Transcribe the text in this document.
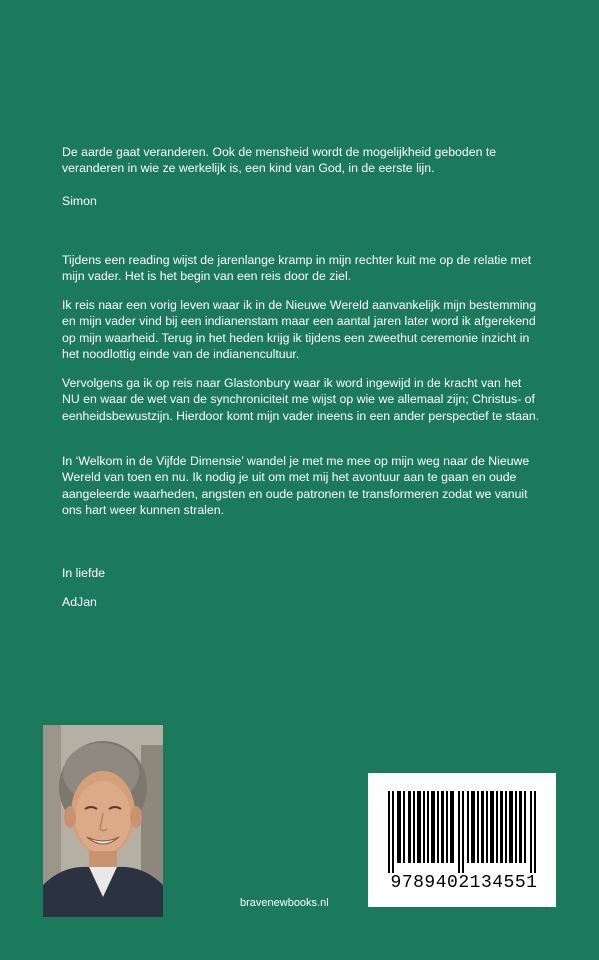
De aarde gaat veranderen. Ook de mensheid wordt de mogelijkheid geboden te veranderen in wie ze werkelijk is, een kind van God, in de eerste lijn.

Simon

Tijdens een reading wijst de jarenlange kramp in mijn rechter kuit me op de relatie met mijn vader. Het is het begin van een reis door de ziel.

Ik reis naar een vorig leven waar ik in de Nieuwe Wereld aanvankelijk mijn bestemming en mijn vader vind bij een indianenstam maar een aantal jaren later word ik afgerekend op mijn waarheid. Terug in het heden krijg ik tijdens een zweethut ceremonie inzicht in het noodlottig einde van de indianencultuur.

Vervolgens ga ik op reis naar Glastonbury waar ik word ingewijd in de kracht van het NU en waar de wet van de synchroniciteit me wijst op wie we allemaal zijn; Christus- of eenheidsbewustzijn. Hierdoor komt mijn vader ineens in een ander perspectief te staan.

In ‘Welkom in de Vijfde Dimensie’ wandel je met me mee op mijn weg naar de Nieuwe Wereld van toen en nu. Ik nodig je uit om met mij het avontuur aan te gaan en oude aangeleerde waarheden, angsten en oude patronen te transformeren zodat we vanuit ons hart weer kunnen stralen.

In liefde

AdJan

9789402134551
bravenewbooks.nl
